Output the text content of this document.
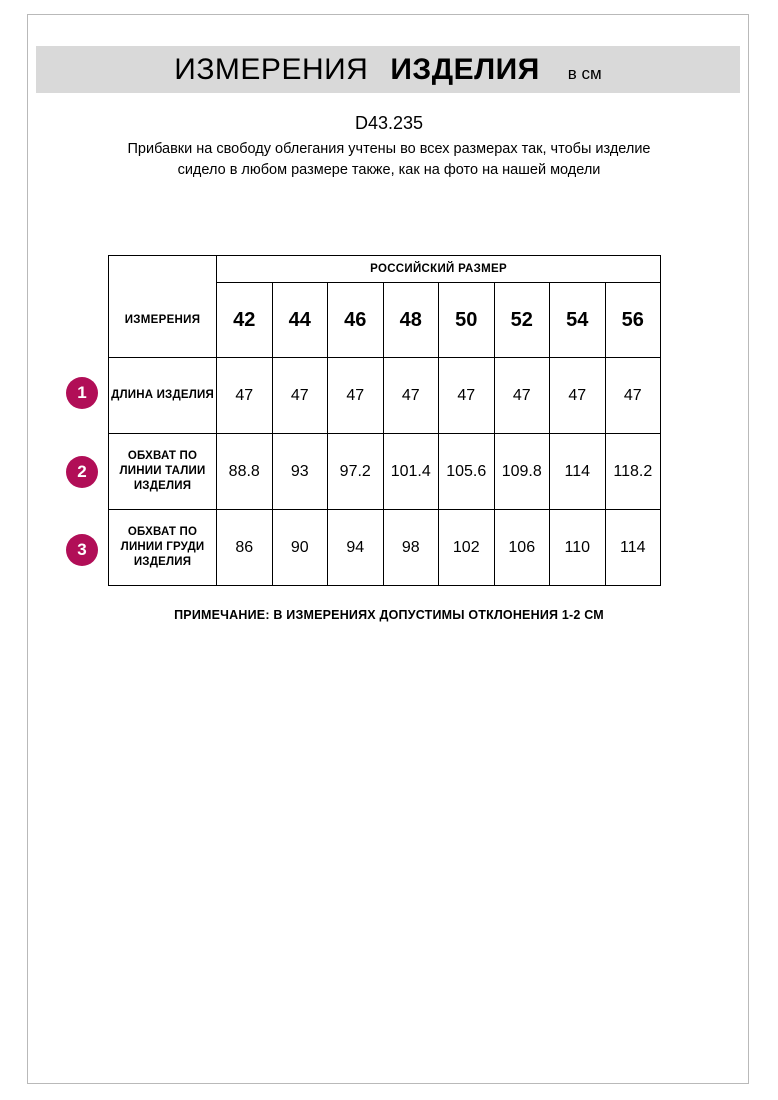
ИЗМЕРЕНИЯ ИЗДЕЛИЯ в см
D43.235
Прибавки на свободу облегания учтены во всех размерах так, чтобы изделие сидело в любом размере также, как на фото на нашей модели
1
2
3
	РОССИЙСКИЙ РАЗМЕР							
ИЗМЕРЕНИЯ	42	44	46	48	50	52	54	56
ДЛИНА ИЗДЕЛИЯ	47	47	47	47	47	47	47	47
ОБХВАТ ПО ЛИНИИ ТАЛИИ ИЗДЕЛИЯ	88.8	93	97.2	101.4	105.6	109.8	114	118.2
ОБХВАТ ПО ЛИНИИ ГРУДИ ИЗДЕЛИЯ	86	90	94	98	102	106	110	114
ПРИМЕЧАНИЕ: В ИЗМЕРЕНИЯХ ДОПУСТИМЫ ОТКЛОНЕНИЯ 1-2 СМ
